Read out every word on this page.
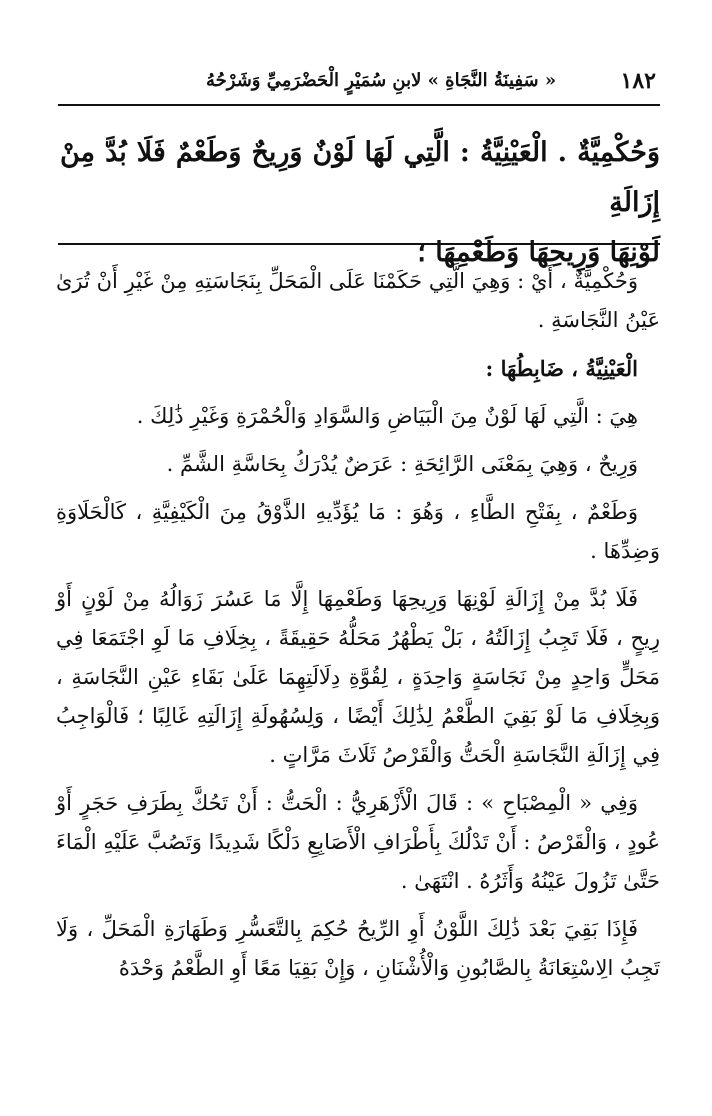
١٨٢
« سَفِينَةُ النَّجَاةِ » لابنِ سُمَيْرٍ الْحَضْرَمِيِّ وَشَرْحُهُ

وَحُكْمِيَّةٌ . الْعَيْنِيَّةُ : الَّتِي لَهَا لَوْنٌ وَرِيحٌ وَطَعْمٌ فَلَا بُدَّ مِنْ إِزَالَةِ

لَوْنِهَا وَرِيحِهَا وَطَعْمِهَا ؛

وَحُكْمِيَّةٌ ، أَيْ : وَهِيَ الَّتِي حَكَمْنَا عَلَى الْمَحَلِّ بِنَجَاسَتِهِ مِنْ غَيْرِ أَنْ تُرَىٰ عَيْنُ النَّجَاسَةِ .

الْعَيْنِيَّةُ ، ضَابِطُهَا :

هِيَ : الَّتِي لَهَا لَوْنٌ مِنَ الْبَيَاضِ وَالسَّوَادِ وَالْحُمْرَةِ وَغَيْرِ ذَٰلِكَ .

وَرِيحٌ ، وَهِيَ بِمَعْنَى الرَّائِحَةِ : عَرَضٌ يُدْرَكُ بِحَاسَّةِ الشَّمِّ .

وَطَعْمٌ ، بِفَتْحِ الطَّاءِ ، وَهُوَ : مَا يُؤَدِّيهِ الذَّوْقُ مِنَ الْكَيْفِيَّةِ ، كَالْحَلَاوَةِ وَضِدِّهَا .

فَلَا بُدَّ مِنْ إِزَالَةِ لَوْنِهَا وَرِيحِهَا وَطَعْمِهَا إِلَّا مَا عَسُرَ زَوَالُهُ مِنْ لَوْنٍ أَوْ رِيحٍ ، فَلَا تَجِبُ إِزَالَتُهُ ، بَلْ يَطْهُرُ مَحَلُّهُ حَقِيقَةً ، بِخِلَافِ مَا لَوِ اجْتَمَعَا فِي مَحَلٍّ وَاحِدٍ مِنْ نَجَاسَةٍ وَاحِدَةٍ ، لِقُوَّةِ دِلَالَتِهِمَا عَلَىٰ بَقَاءِ عَيْنِ النَّجَاسَةِ ، وَبِخِلَافِ مَا لَوْ بَقِيَ الطَّعْمُ لِذَٰلِكَ أَيْضًا ، وَلِسُهُولَةِ إِزَالَتِهِ غَالِبًا ؛ فَالْوَاجِبُ فِي إِزَالَةِ النَّجَاسَةِ الْحَتُّ وَالْقَرْصُ ثَلَاثَ مَرَّاتٍ .

وَفِي « الْمِصْبَاحِ » : قَالَ الْأَزْهَرِيُّ : الْحَتُّ : أَنْ تَحُكَّ بِطَرَفِ حَجَرٍ أَوْ عُودٍ ، وَالْقَرْصُ : أَنْ تَدْلُكَ بِأَطْرَافِ الْأَصَابِعِ دَلْكًا شَدِيدًا وَتَصُبَّ عَلَيْهِ الْمَاءَ حَتَّىٰ تَزُولَ عَيْنُهُ وَأَثَرُهُ . انْتَهَىٰ .

فَإِذَا بَقِيَ بَعْدَ ذَٰلِكَ اللَّوْنُ أَوِ الرِّيحُ حُكِمَ بِالتَّعَسُّرِ وَطَهَارَةِ الْمَحَلِّ ، وَلَا تَجِبُ الِاسْتِعَانَةُ بِالصَّابُونِ وَالْأُشْنَانِ ، وَإِنْ بَقِيَا مَعًا أَوِ الطَّعْمُ وَحْدَهُ
